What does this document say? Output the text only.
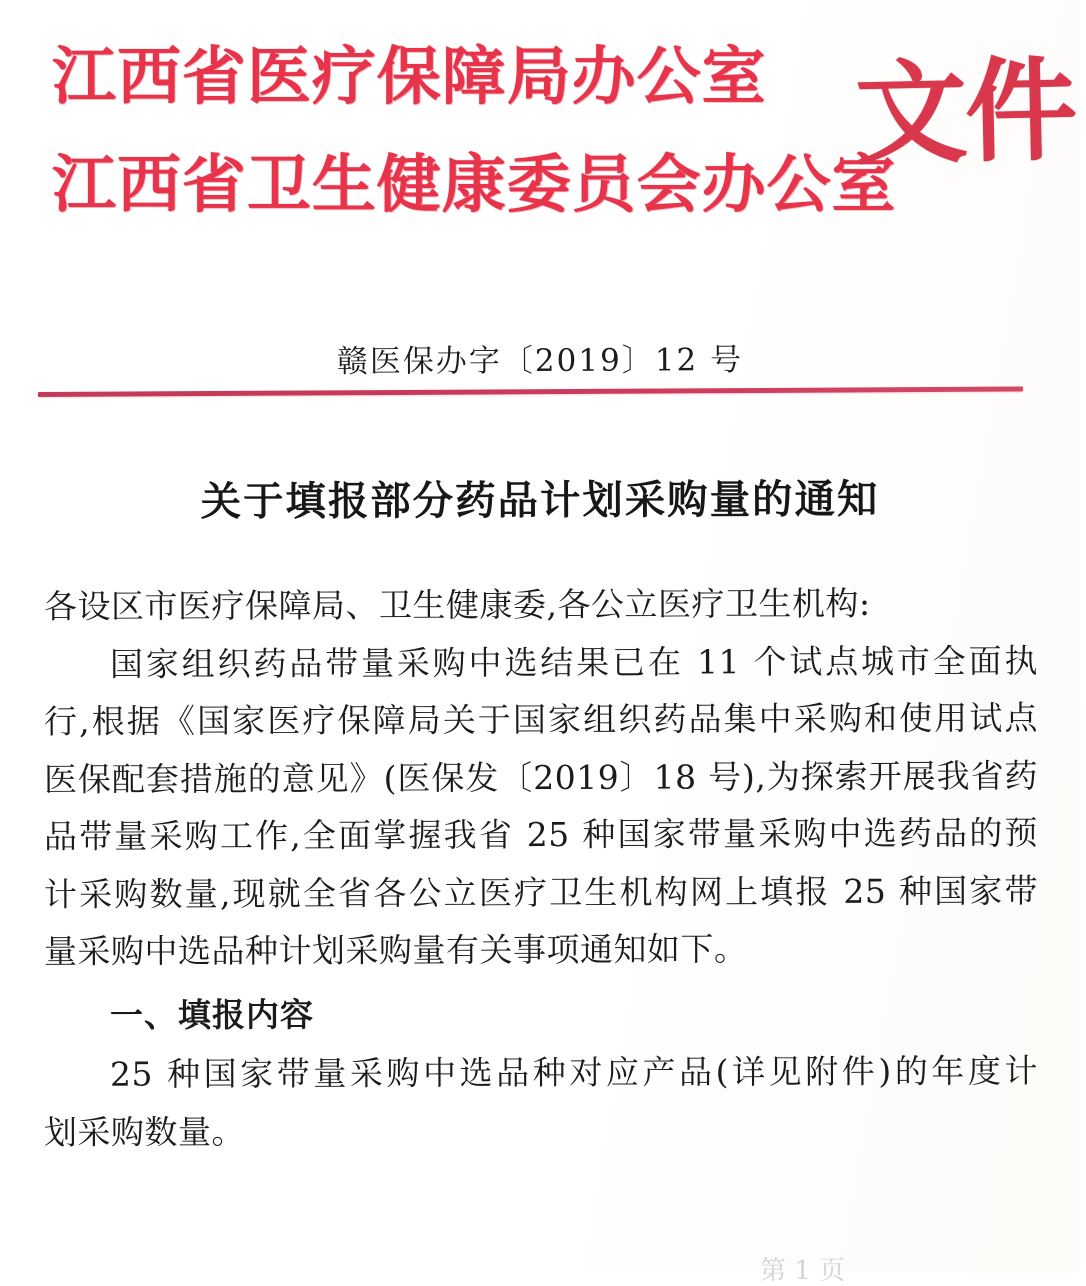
江西省医疗保障局办公室
江西省卫生健康委员会办公室
文件
赣医保办字〔2019〕12 号
关于填报部分药品计划采购量的通知
各设区市医疗保障局、卫生健康委,各公立医疗卫生机构:
国家组织药品带量采购中选结果已在 11 个试点城市全面执
行,根据《国家医疗保障局关于国家组织药品集中采购和使用试点
医保配套措施的意见》(医保发〔2019〕18 号),为探索开展我省药
品带量采购工作,全面掌握我省 25 种国家带量采购中选药品的预
计采购数量,现就全省各公立医疗卫生机构网上填报 25 种国家带
量采购中选品种计划采购量有关事项通知如下。
一、填报内容
25 种国家带量采购中选品种对应产品(详见附件)的年度计
划采购数量。
第 1 页
